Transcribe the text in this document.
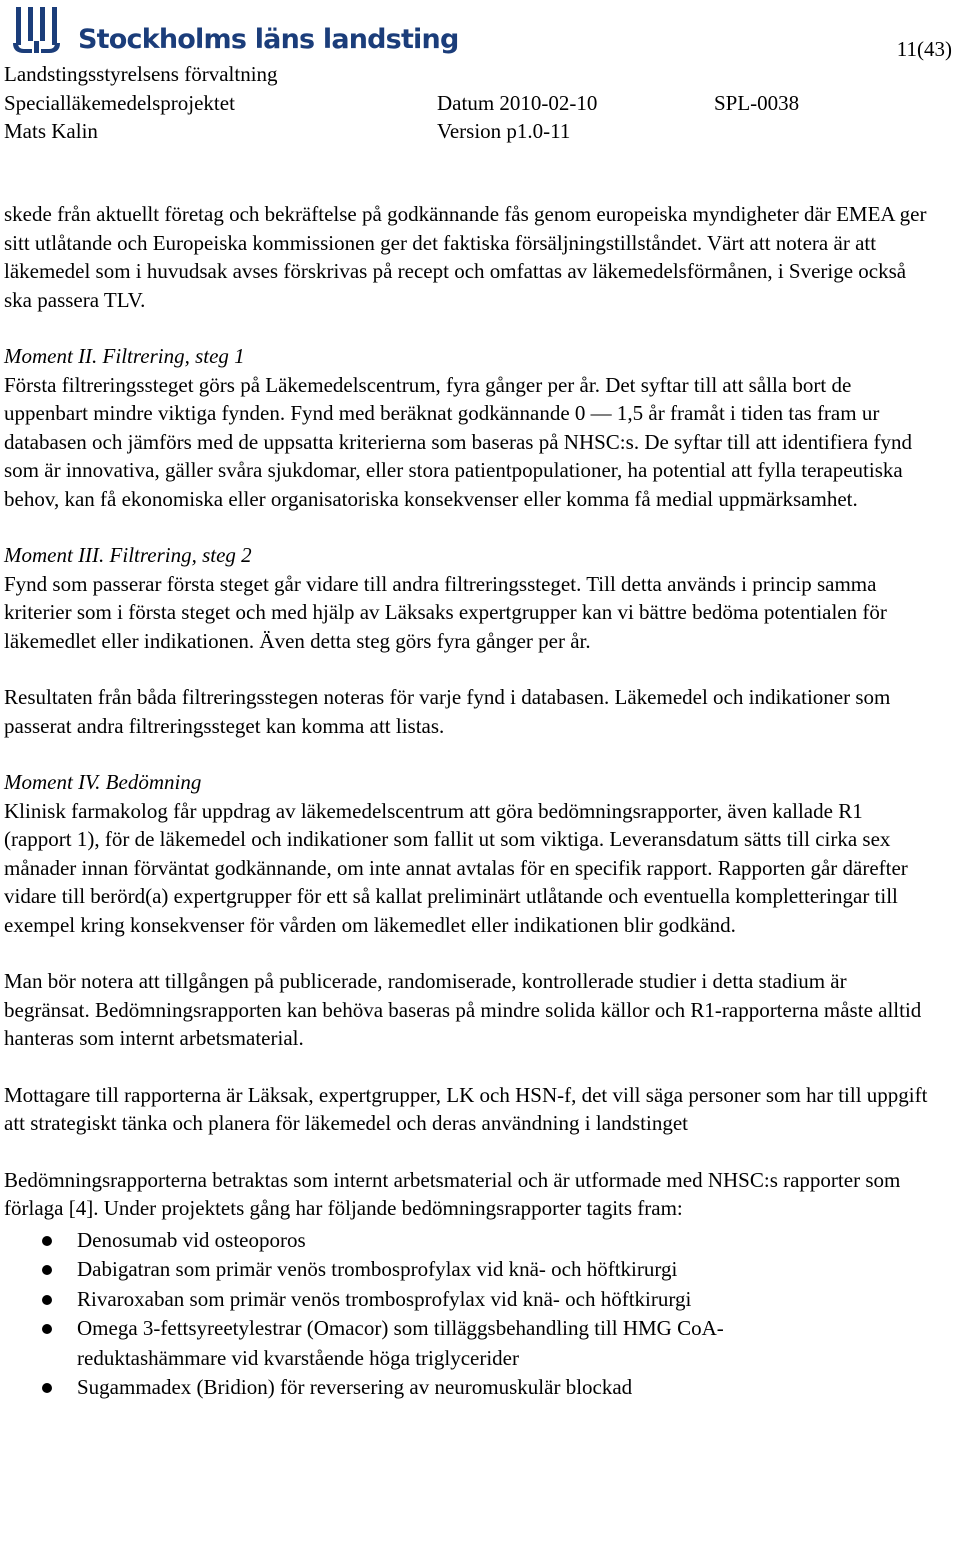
Stockholms läns landsting	11(43)
Landstingsstyrelsens förvaltning
Specialläkemedelsprojektet	Datum 2010-02-10	SPL-0038
Mats Kalin	Version p1.0-11

skede från aktuellt företag och bekräftelse på godkännande fås genom europeiska myndigheter där EMEA ger sitt utlåtande och Europeiska kommissionen ger det faktiska försäljningstillståndet. Värt att notera är att läkemedel som i huvudsak avses förskrivas på recept och omfattas av läkemedelsförmånen, i Sverige också ska passera TLV.

Moment II. Filtrering, steg 1

Första filtreringssteget görs på Läkemedelscentrum, fyra gånger per år. Det syftar till att sålla bort de uppenbart mindre viktiga fynden. Fynd med beräknat godkännande 0 — 1,5 år framåt i tiden tas fram ur databasen och jämförs med de uppsatta kriterierna som baseras på NHSC:s. De syftar till att identifiera fynd som är innovativa, gäller svåra sjukdomar, eller stora patientpopulationer, ha potential att fylla terapeutiska behov, kan få ekonomiska eller organisatoriska konsekvenser eller komma få medial uppmärksamhet.

Moment III. Filtrering, steg 2

Fynd som passerar första steget går vidare till andra filtreringssteget. Till detta används i princip samma kriterier som i första steget och med hjälp av Läksaks expertgrupper kan vi bättre bedöma potentialen för läkemedlet eller indikationen. Även detta steg görs fyra gånger per år.

Resultaten från båda filtreringsstegen noteras för varje fynd i databasen. Läkemedel och indikationer som passerat andra filtreringssteget kan komma att listas.

Moment IV. Bedömning

Klinisk farmakolog får uppdrag av läkemedelscentrum att göra bedömningsrapporter, även kallade R1 (rapport 1), för de läkemedel och indikationer som fallit ut som viktiga. Leveransdatum sätts till cirka sex månader innan förväntat godkännande, om inte annat avtalas för en specifik rapport. Rapporten går därefter vidare till berörd(a) expertgrupper för ett så kallat preliminärt utlåtande och eventuella kompletteringar till exempel kring konsekvenser för vården om läkemedlet eller indikationen blir godkänd.

Man bör notera att tillgången på publicerade, randomiserade, kontrollerade studier i detta stadium är begränsat. Bedömningsrapporten kan behöva baseras på mindre solida källor och R1-rapporterna måste alltid hanteras som internt arbetsmaterial.

Mottagare till rapporterna är Läksak, expertgrupper, LK och HSN-f, det vill säga personer som har till uppgift att strategiskt tänka och planera för läkemedel och deras användning i landstinget

Bedömningsrapporterna betraktas som internt arbetsmaterial och är utformade med NHSC:s rapporter som förlaga [4]. Under projektets gång har följande bedömningsrapporter tagits fram:

Denosumab vid osteoporos
Dabigatran som primär venös trombosprofylax vid knä- och höftkirurgi
Rivaroxaban som primär venös trombosprofylax vid knä- och höftkirurgi
Omega 3-fettsyreetylestrar (Omacor) som tilläggsbehandling till HMG CoA-reduktashämmare vid kvarstående höga triglycerider
Sugammadex (Bridion) för reversering av neuromuskulär blockad
